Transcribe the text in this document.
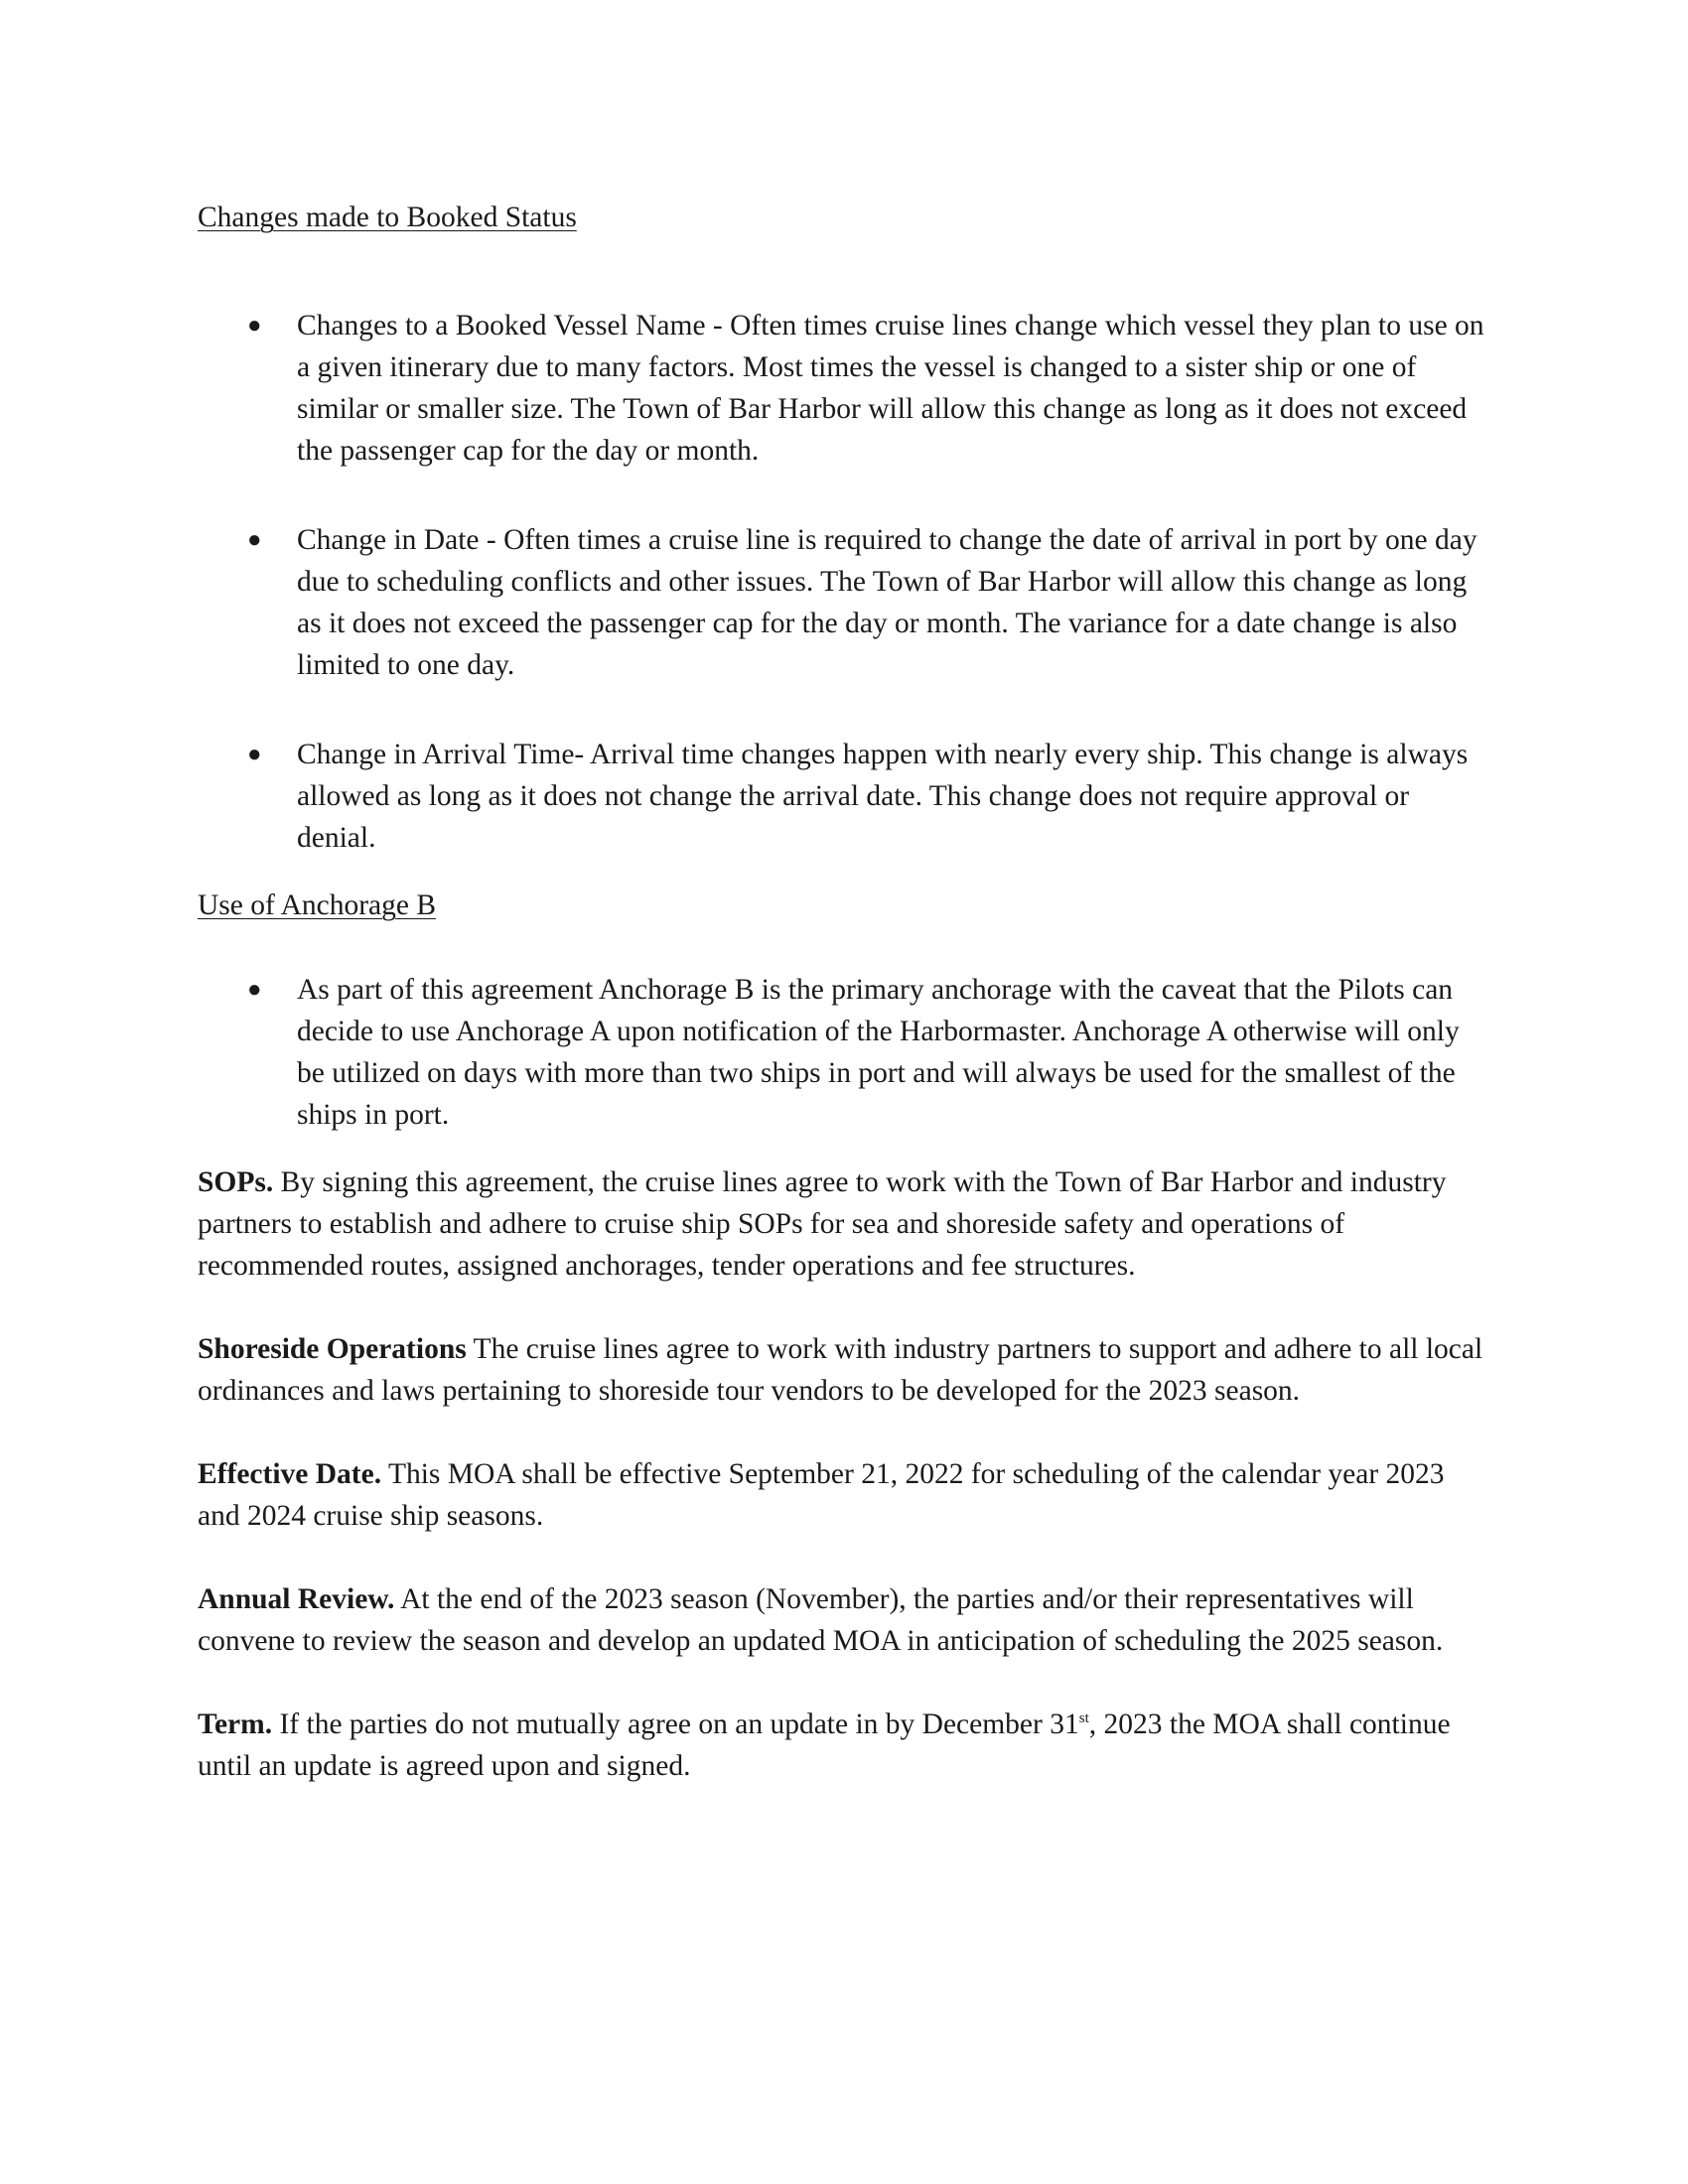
Changes made to Booked Status

● Changes to a Booked Vessel Name - Often times cruise lines change which vessel they plan to use on a given itinerary due to many factors. Most times the vessel is changed to a sister ship or one of similar or smaller size. The Town of Bar Harbor will allow this change as long as it does not exceed the passenger cap for the day or month.
● Change in Date - Often times a cruise line is required to change the date of arrival in port by one day due to scheduling conflicts and other issues. The Town of Bar Harbor will allow this change as long as it does not exceed the passenger cap for the day or month. The variance for a date change is also limited to one day.
● Change in Arrival Time- Arrival time changes happen with nearly every ship. This change is always allowed as long as it does not change the arrival date. This change does not require approval or denial.

Use of Anchorage B

● As part of this agreement Anchorage B is the primary anchorage with the caveat that the Pilots can decide to use Anchorage A upon notification of the Harbormaster. Anchorage A otherwise will only be utilized on days with more than two ships in port and will always be used for the smallest of the ships in port.

SOPs. By signing this agreement, the cruise lines agree to work with the Town of Bar Harbor and industry partners to establish and adhere to cruise ship SOPs for sea and shoreside safety and operations of recommended routes, assigned anchorages, tender operations and fee structures.

Shoreside Operations The cruise lines agree to work with industry partners to support and adhere to all local ordinances and laws pertaining to shoreside tour vendors to be developed for the 2023 season.

Effective Date. This MOA shall be effective September 21, 2022 for scheduling of the calendar year 2023 and 2024 cruise ship seasons.

Annual Review. At the end of the 2023 season (November), the parties and/or their representatives will convene to review the season and develop an updated MOA in anticipation of scheduling the 2025 season.

Term. If the parties do not mutually agree on an update in by December 31st, 2023 the MOA shall continue until an update is agreed upon and signed.
